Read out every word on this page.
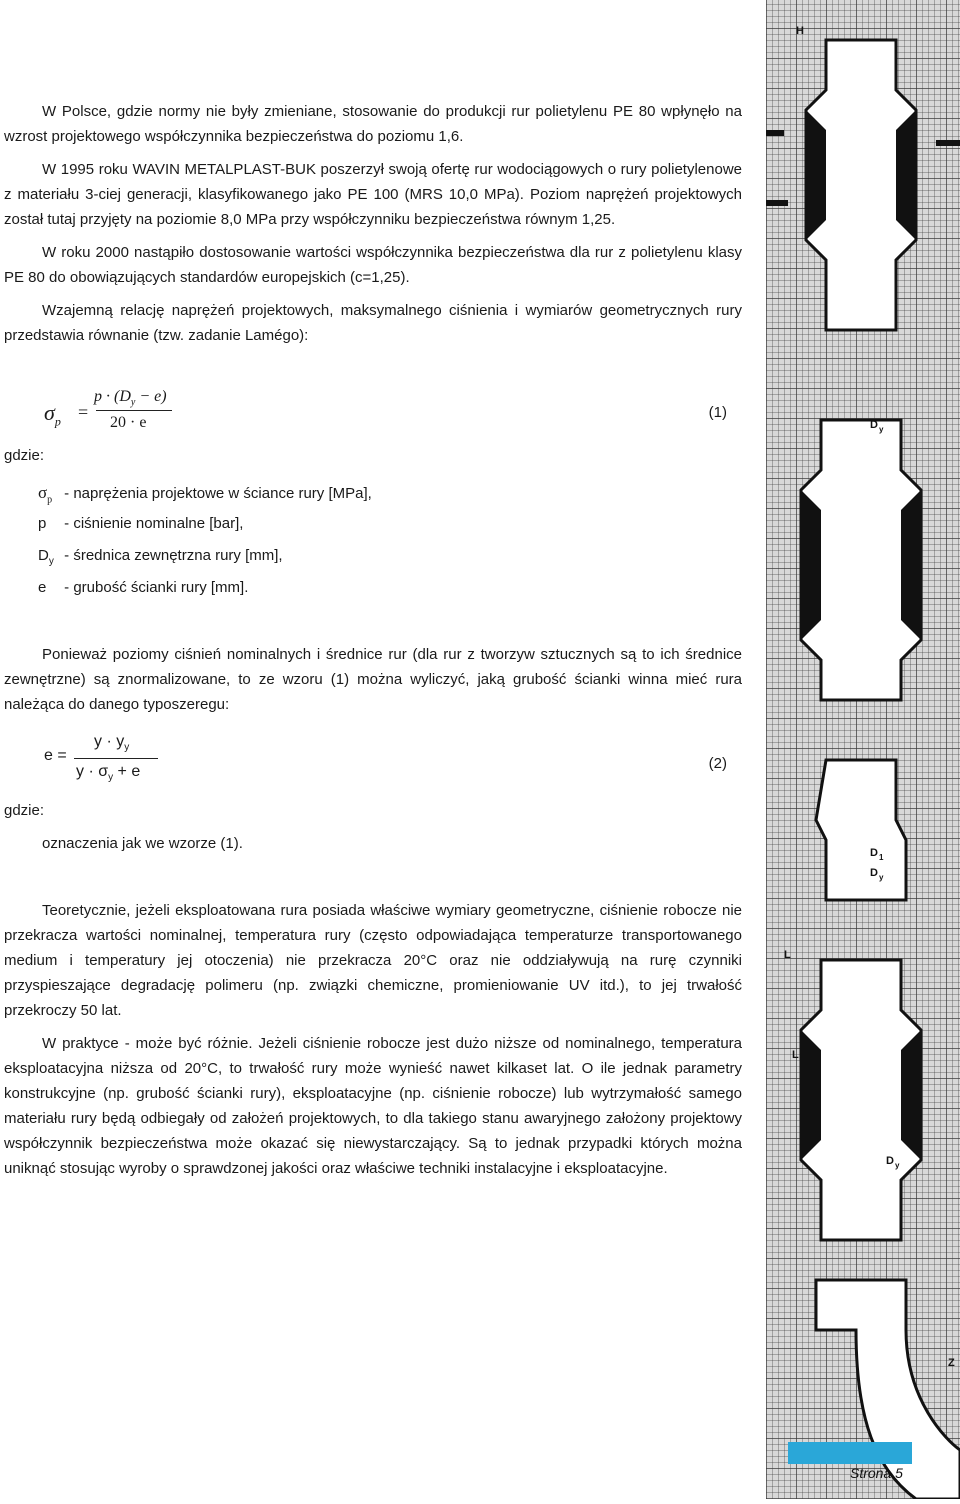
W Polsce, gdzie normy nie były zmieniane, stosowanie do produkcji rur polietylenu PE 80 wpłynęło na wzrost projektowego współczynnika bezpieczeństwa do poziomu 1,6.

W 1995 roku WAVIN METALPLAST-BUK poszerzył swoją ofertę rur wodociągowych o rury polietylenowe z materiału 3-ciej generacji, klasyfikowanego jako PE 100 (MRS 10,0 MPa). Poziom naprężeń projektowych został tutaj przyjęty na poziomie 8,0 MPa przy współczynniku bezpieczeństwa równym 1,25.

W roku 2000 nastąpiło dostosowanie wartości współczynnika bezpieczeństwa dla rur z polietylenu klasy PE 80 do obowiązujących standardów europejskich (c=1,25).

Wzajemną relację naprężeń projektowych, maksymalnego ciśnienia i wymiarów geometrycznych rury przedstawia równanie (tzw. zadanie Lamégo):

$\sigma_p$ =
$p \cdot (D_y - e)$
20 · e
(1)
gdzie:
$\sigma_p$ - naprężenia projektowe w ściance rury [MPa],
p - ciśnienie nominalne [bar],
$D_y$ - średnica zewnętrzna rury [mm],
e - grubość ścianki rury [mm].

Ponieważ poziomy ciśnień nominalnych i średnice rur (dla rur z tworzyw sztucznych są to ich średnice zewnętrzne) są znormalizowane, to ze wzoru (1) można wyliczyć, jaką grubość ścianki winna mieć rura należąca do danego typoszeregu:

e =
$y \cdot y_y$
$y \cdot \sigma_y + e$	(2)
gdzie:
oznaczenia jak we wzorze (1).

Teoretycznie, jeżeli eksploatowana rura posiada właściwe wymiary geometryczne, ciśnienie robocze nie przekracza wartości nominalnej, temperatura rury (często odpowiadająca temperaturze transportowanego medium i temperatury jej otoczenia) nie przekracza 20°C oraz nie oddziaływują na rurę czynniki przyspieszające degradację polimeru (np. związki chemiczne, promieniowanie UV itd.), to jej trwałość przekroczy 50 lat.

W praktyce - może być różnie. Jeżeli ciśnienie robocze jest dużo niższe od nominalnego, temperatura eksploatacyjna niższa od 20°C, to trwałość rury może wynieść nawet kilkaset lat. O ile jednak parametry konstrukcyjne (np. grubość ścianki rury), eksploatacyjne (np. ciśnienie robocze) lub wytrzymałość samego materiału rury będą odbiegały od założeń projektowych, to dla takiego stanu awaryjnego założony projektowy współczynnik bezpieczeństwa może okazać się niewystarczający. Są to jednak przypadki których można uniknąć stosując wyroby o sprawdzonej jakości oraz właściwe techniki instalacyjne i eksploatacyjne.

H
D y
D 1
D y
L
L
D y
Z
Strona 5
